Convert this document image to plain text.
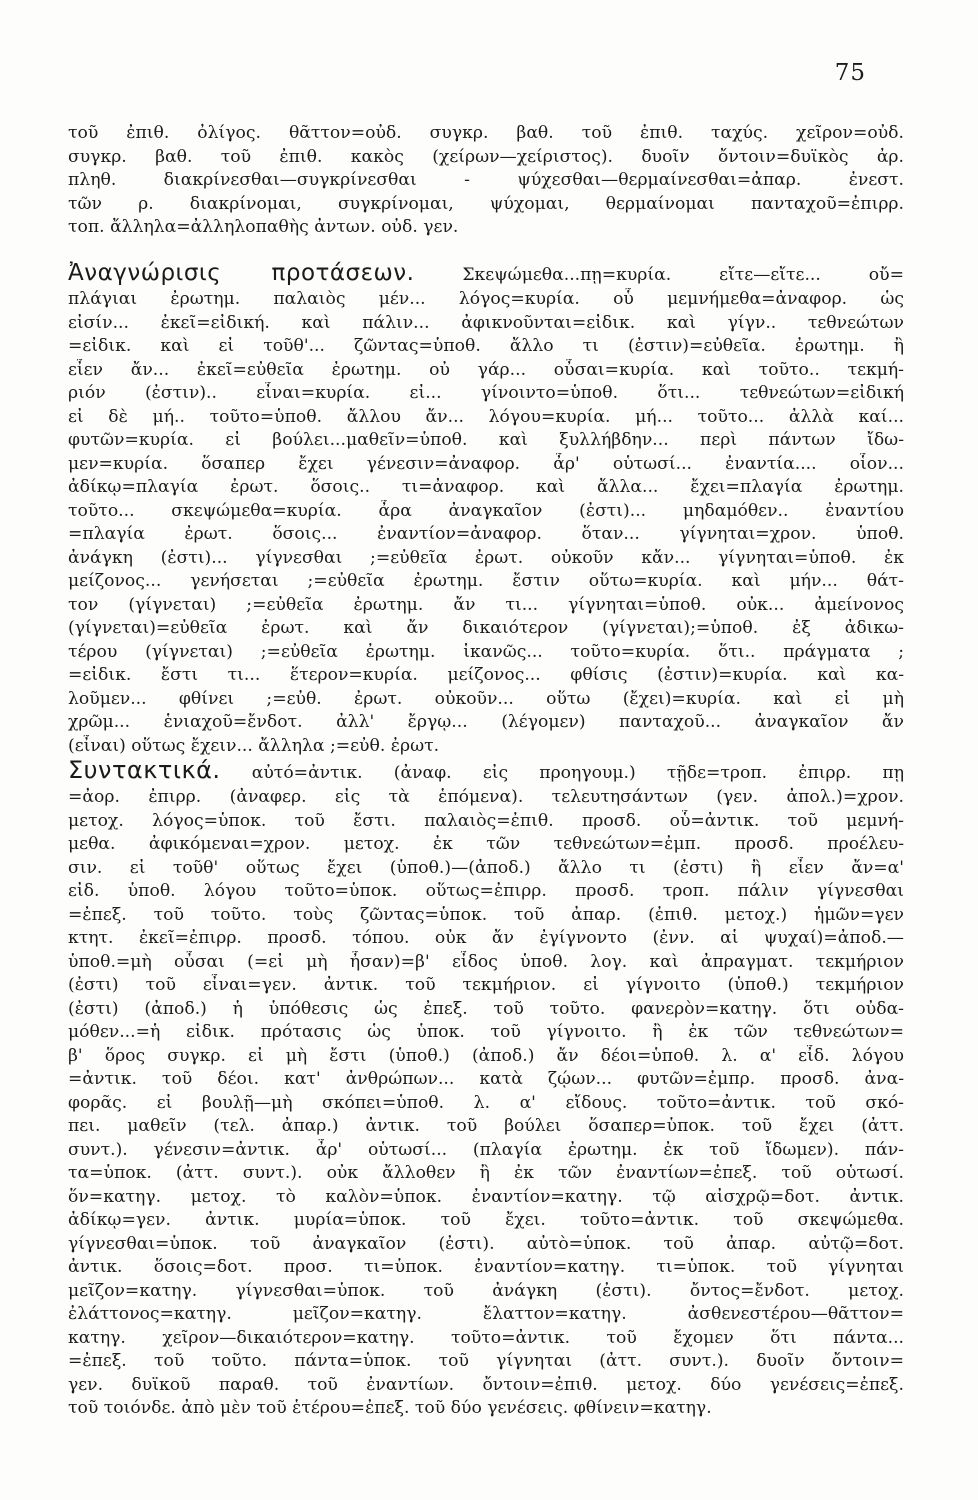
75
τοῦ ἐπιθ. ὀλίγος. θᾶττον=οὐδ. συγκρ. βαθ. τοῦ ἐπιθ. ταχύς. χεῖρον=οὐδ.
συγκρ. βαθ. τοῦ ἐπιθ. κακὸς (χείρων—χείριστος). δυοῖν ὄντοιν=δυϊκὸς ἀρ.
πληθ. διακρίνεσθαι—συγκρίνεσθαι - ψύχεσθαι—θερμαίνεσθαι=ἀπαρ. ἐνεστ.
τῶν ρ. διακρίνομαι, συγκρίνομαι, ψύχομαι, θερμαίνομαι πανταχοῦ=ἐπιρρ.
τοπ. ἄλληλα=ἀλληλοπαθὴς ἀντων. οὐδ. γεν.
Ἀναγνώρισις προτάσεων.	Σκεψώμεθα...πῃ=κυρία. εἴτε—εἴτε... οὔ=
πλάγιαι ἐρωτημ. παλαιὸς μέν... λόγος=κυρία. οὗ μεμνήμεθα=ἀναφορ. ὡς
εἰσίν... ἐκεῖ=εἰδική. καὶ πάλιν... ἀφικνοῦνται=εἰδικ. καὶ γίγν.. τεθνεώτων
=εἰδικ. καὶ εἰ τοῦθ'... ζῶντας=ὑποθ. ἄλλο τι (ἐστιν)=εὐθεῖα. ἐρωτημ. ἢ
εἶεν ἄν... ἐκεῖ=εὐθεῖα ἐρωτημ. οὐ γάρ... οὖσαι=κυρία. καὶ τοῦτο.. τεκμή-
ριόν (ἐστιν).. εἶναι=κυρία. εἰ... γίνοιντο=ὑποθ. ὅτι... τεθνεώτων=εἰδική
εἰ δὲ μή.. τοῦτο=ὑποθ. ἄλλου ἄν... λόγου=κυρία. μή... τοῦτο... ἀλλὰ καί...
φυτῶν=κυρία. εἰ βούλει...μαθεῖν=ὑποθ. καὶ ξυλλήβδην... περὶ πάντων ἴδω-
μεν=κυρία. ὅσαπερ ἔχει γένεσιν=ἀναφορ. ἆρ' οὑτωσί... ἐναντία.... οἷον...
ἀδίκῳ=πλαγία ἐρωτ. ὅσοις.. τι=ἀναφορ. καὶ ἄλλα... ἔχει=πλαγία ἐρωτημ.
τοῦτο... σκεψώμεθα=κυρία. ἆρα ἀναγκαῖον (ἐστι)... μηδαμόθεν.. ἐναντίου
=πλαγία ἐρωτ. ὅσοις... ἐναντίον=ἀναφορ. ὅταν... γίγνηται=χρον. ὑποθ.
ἀνάγκη (ἐστι)... γίγνεσθαι ;=εὐθεῖα ἐρωτ. οὐκοῦν κἄν... γίγνηται=ὑποθ. ἐκ
μείζονος... γενήσεται ;=εὐθεῖα ἐρωτημ. ἔστιν οὕτω=κυρία. καὶ μήν... θάτ-
τον (γίγνεται) ;=εὐθεῖα ἐρωτημ. ἄν τι... γίγνηται=ὑποθ. οὐκ... ἀμείνονος
(γίγνεται)=εὐθεῖα ἐρωτ. καὶ ἄν δικαιότερον (γίγνεται);=ὑποθ. ἐξ ἀδικω-
τέρου (γίγνεται) ;=εὐθεῖα ἐρωτημ. ἱκανῶς... τοῦτο=κυρία. ὅτι.. πράγματα ;
=εἰδικ. ἔστι τι... ἕτερον=κυρία. μείζονος... φθίσις (ἐστιν)=κυρία. καὶ κα-
λοῦμεν... φθίνει ;=εὐθ. ἐρωτ. οὐκοῦν... οὕτω (ἔχει)=κυρία. καὶ εἰ μὴ
χρῶμ... ἑνιαχοῦ=ἔνδοτ. ἀλλ' ἔργῳ... (λέγομεν) πανταχοῦ... ἀναγκαῖον ἄν
(εἶναι) οὕτως ἔχειν... ἄλληλα ;=εὐθ. ἐρωτ.
Συντακτικά. αὐτό=ἀντικ. (ἀναφ. εἰς προηγουμ.) τῇδε=τροπ. ἐπιρρ. πῃ
=ἀορ. ἐπιρρ. (ἀναφερ. εἰς τὰ ἑπόμενα). τελευτησάντων (γεν. ἀπολ.)=χρον.
μετοχ. λόγος=ὑποκ. τοῦ ἔστι. παλαιὸς=ἐπιθ. προσδ. οὗ=ἀντικ. τοῦ μεμνή-
μεθα. ἀφικόμεναι=χρον. μετοχ. ἐκ τῶν τεθνεώτων=ἐμπ. προσδ. προέλευ-
σιν. εἰ τοῦθ' οὕτως ἔχει (ὑποθ.)—(ἀποδ.) ἄλλο τι (ἐστι) ἢ εἶεν ἄν=α'
εἰδ. ὑποθ. λόγου τοῦτο=ὑποκ. οὕτως=ἐπιρρ. προσδ. τροπ. πάλιν γίγνεσθαι
=ἐπεξ. τοῦ τοῦτο. τοὺς ζῶντας=ὑποκ. τοῦ ἀπαρ. (ἐπιθ. μετοχ.) ἡμῶν=γεν
κτητ. ἐκεῖ=ἐπιρρ. προσδ. τόπου. οὐκ ἄν ἐγίγνοντο (ἐνν. αἱ ψυχαί)=ἀποδ.—
ὑποθ.=μὴ οὖσαι (=εἰ μὴ ἦσαν)=β' εἶδος ὑποθ. λογ. καὶ ἀπραγματ. τεκμήριον
(ἐστι) τοῦ εἶναι=γεν. ἀντικ. τοῦ τεκμήριον. εἰ γίγνοιτο (ὑποθ.) τεκμήριον
(ἐστι) (ἀποδ.) ἡ ὑπόθεσις ὡς ἐπεξ. τοῦ τοῦτο. φανερὸν=κατηγ. ὅτι οὐδα-
μόθεν...=ἡ εἰδικ. πρότασις ὡς ὑποκ. τοῦ γίγνοιτο. ἢ ἐκ τῶν τεθνεώτων=
β' ὅρος συγκρ. εἰ μὴ ἔστι (ὑποθ.) (ἀποδ.) ἄν δέοι=ὑποθ. λ. α' εἶδ. λόγου
=ἀντικ. τοῦ δέοι. κατ' ἀνθρώπων... κατὰ ζῴων... φυτῶν=ἐμπρ. προσδ. ἀνα-
φορᾶς. εἰ βουλῇ—μὴ σκόπει=ὑποθ. λ. α' εἴδους. τοῦτο=ἀντικ. τοῦ σκό-
πει. μαθεῖν (τελ. ἀπαρ.) ἀντικ. τοῦ βούλει ὅσαπερ=ὑποκ. τοῦ ἔχει (ἀττ.
συντ.). γένεσιν=ἀντικ. ἆρ' οὑτωσί... (πλαγία ἐρωτημ. ἐκ τοῦ ἴδωμεν). πάν-
τα=ὑποκ. (ἀττ. συντ.). οὐκ ἄλλοθεν ἢ ἐκ τῶν ἐναντίων=ἐπεξ. τοῦ οὑτωσί.
ὅν=κατηγ. μετοχ. τὸ καλὸν=ὑποκ. ἐναντίον=κατηγ. τῷ αἰσχρῷ=δοτ. ἀντικ.
ἀδίκῳ=γεν. ἀντικ. μυρία=ὑποκ. τοῦ ἔχει. τοῦτο=ἀντικ. τοῦ σκεψώμεθα.
γίγνεσθαι=ὑποκ. τοῦ ἀναγκαῖον (ἐστι). αὐτὸ=ὑποκ. τοῦ ἀπαρ. αὐτῷ=δοτ.
ἀντικ. ὅσοις=δοτ. προσ. τι=ὑποκ. ἐναντίον=κατηγ. τι=ὑποκ. τοῦ γίγνηται
μεῖζον=κατηγ. γίγνεσθαι=ὑποκ. τοῦ ἀνάγκη (ἐστι). ὄντος=ἔνδοτ. μετοχ.
ἐλάττονος=κατηγ. μεῖζον=κατηγ. ἔλαττον=κατηγ. ἀσθενεστέρου—θᾶττον=
κατηγ. χεῖρον—δικαιότερον=κατηγ. τοῦτο=ἀντικ. τοῦ ἔχομεν ὅτι πάντα...
=ἐπεξ. τοῦ τοῦτο. πάντα=ὑποκ. τοῦ γίγνηται (ἀττ. συντ.). δυοῖν ὄντοιν=
γεν. δυϊκοῦ παραθ. τοῦ ἐναντίων. ὄντοιν=ἐπιθ. μετοχ. δύο γενέσεις=ἐπεξ.
τοῦ τοιόνδε. ἀπὸ μὲν τοῦ ἑτέρου=ἐπεξ. τοῦ δύο γενέσεις. φθίνειν=κατηγ.
